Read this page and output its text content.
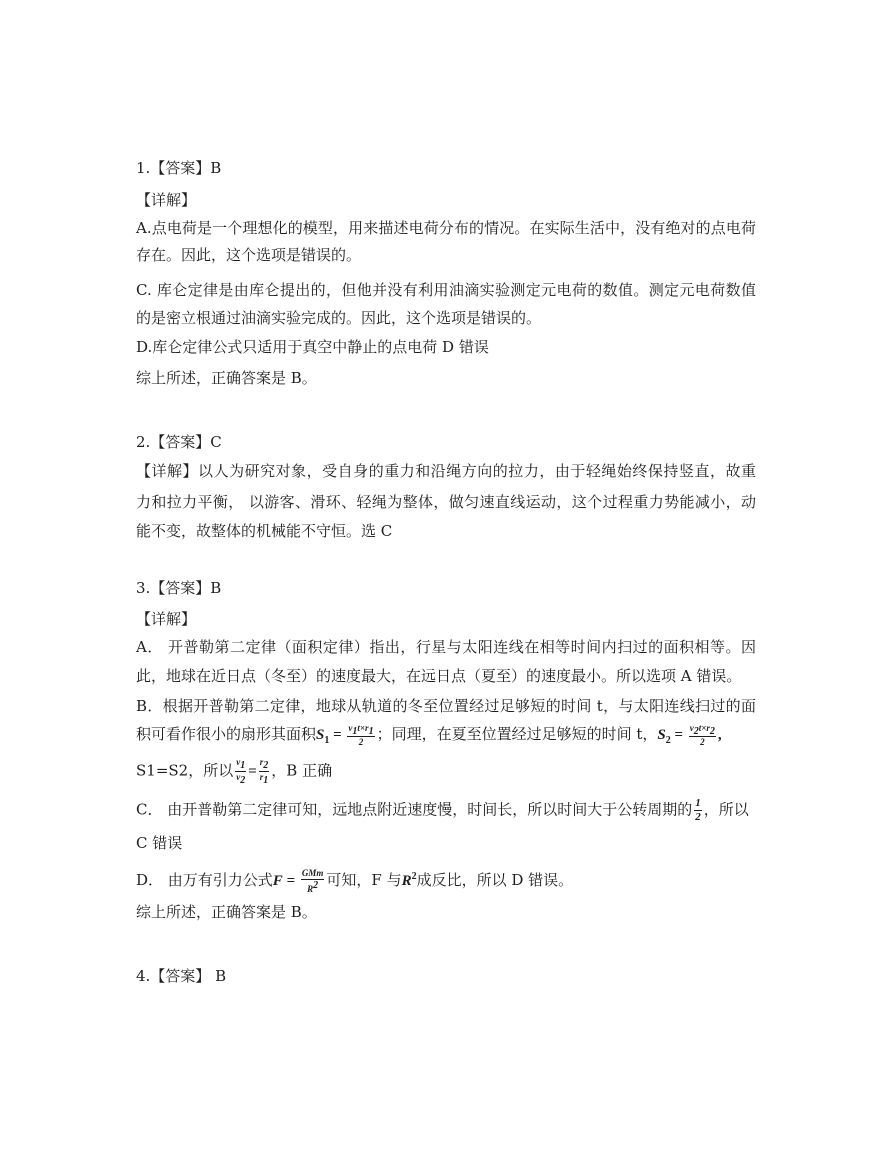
1.【答案】B
【详解】
A.点电荷是一个理想化的模型，用来描述电荷分布的情况。在实际生活中，没有绝对的点电荷
存在。因此，这个选项是错误的。
C. 库仑定律是由库仑提出的，但他并没有利用油滴实验测定元电荷的数值。测定元电荷数值
的是密立根通过油滴实验完成的。因此，这个选项是错误的。
D.库仑定律公式只适用于真空中静止的点电荷 D 错误
综上所述，正确答案是 B。
2.【答案】C
【详解】以人为研究对象，受自身的重力和沿绳方向的拉力，由于轻绳始终保持竖直，故重
力和拉力平衡， 以游客、滑环、轻绳为整体，做匀速直线运动，这个过程重力势能减小，动
能不变，故整体的机械能不守恒。选 C
3.【答案】B
【详解】
A． 开普勒第二定律（面积定律）指出，行星与太阳连线在相等时间内扫过的面积相等。因
此，地球在近日点（冬至）的速度最大，在远日点（夏至）的速度最小。所以选项 A 错误。
B．根据开普勒第二定律，地球从轨道的冬至位置经过足够短的时间 t，与太阳连线扫过的面
积可看作很小的扇形其面积$S_1 = \frac{v_1t\times r_1}{2}$ ；同理，在夏至位置经过足够短的时间 t，$S_2 = \frac{v_2t\times r_2}{2}$ ,
S1=S2，所以 $\frac{v_1}{v_2} = \frac{r_2}{r_1}$ ，B 正确
C． 由开普勒第二定律可知，远地点附近速度慢，时间长，所以时间大于公转周期的 $\frac{1}{2}$ ，所以
C 错误
D． 由万有引力公式$F = \frac{\text{GMm}}{R^2}$ 可知，F 与$R^2$成反比，所以 D 错误。
综上所述，正确答案是 B。
4.【答案】 B
